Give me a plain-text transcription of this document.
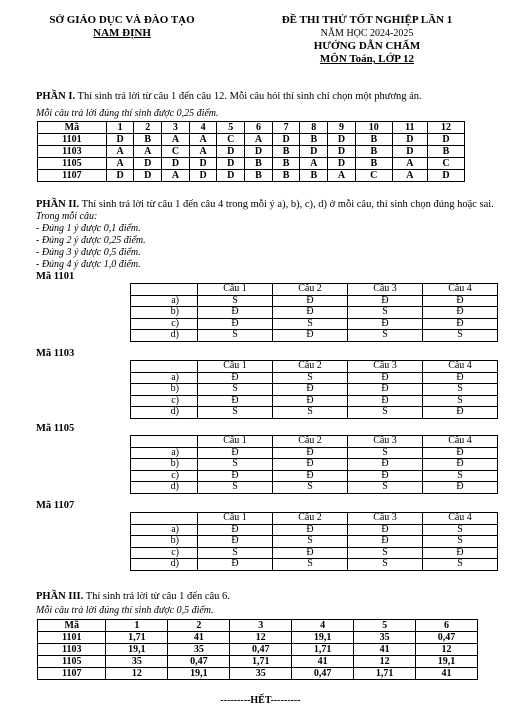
SỞ GIÁO DỤC VÀ ĐÀO TẠO
NAM ĐỊNH
ĐỀ THI THỬ TỐT NGHIỆP LẦN 1
NĂM HỌC 2024-2025
HƯỚNG DẪN CHẤM
MÔN Toán, LỚP 12
PHẦN I. Thí sinh trả lời từ câu 1 đến câu 12. Mỗi câu hỏi thí sinh chỉ chọn một phương án.
Mỗi câu trả lời đúng thí sinh được 0,25 điểm.
Mã	1	2	3	4	5	6	7	8	9	10	11	12
1101	D	B	A	A	C	A	D	B	D	B	D	D
1103	A	A	C	A	D	D	B	D	D	B	D	B
1105	A	D	D	D	D	B	B	A	D	B	A	C
1107	D	D	A	D	D	B	B	B	A	C	A	D
PHẦN II. Thí sinh trả lời từ câu 1 đến câu 4 trong mỗi ý a), b), c), d) ở mỗi câu, thí sinh chọn đúng hoặc sai.
Trong mỗi câu:
- Đúng 1 ý được 0,1 điểm.
- Đúng 2 ý được 0,25 điểm.
- Đúng 3 ý được 0,5 điểm.
- Đúng 4 ý được 1,0 điểm.
Mã 1101
	Câu 1	Câu 2	Câu 3	Câu 4
a)	S	Đ	Đ	Đ
b)	Đ	Đ	S	Đ
c)	Đ	S	Đ	Đ
d)	S	Đ	S	S
Mã 1103
	Câu 1	Câu 2	Câu 3	Câu 4
a)	Đ	S	Đ	Đ
b)	S	Đ	Đ	S
c)	Đ	Đ	Đ	S
d)	S	S	S	Đ
Mã 1105
	Câu 1	Câu 2	Câu 3	Câu 4
a)	Đ	Đ	S	Đ
b)	S	Đ	Đ	Đ
c)	Đ	Đ	Đ	S
d)	S	S	S	Đ
Mã 1107
	Câu 1	Câu 2	Câu 3	Câu 4
a)	Đ	Đ	Đ	S
b)	Đ	S	Đ	S
c)	S	Đ	S	Đ
d)	Đ	S	S	S
PHẦN III. Thí sinh trả lời từ câu 1 đến câu 6.
Mỗi câu trả lời đúng thí sinh được 0,5 điểm.
Mã	1	2	3	4	5	6
1101	1,71	41	12	19,1	35	0,47
1103	19,1	35	0,47	1,71	41	12
1105	35	0,47	1,71	41	12	19,1
1107	12	19,1	35	0,47	1,71	41
---------HẾT---------
